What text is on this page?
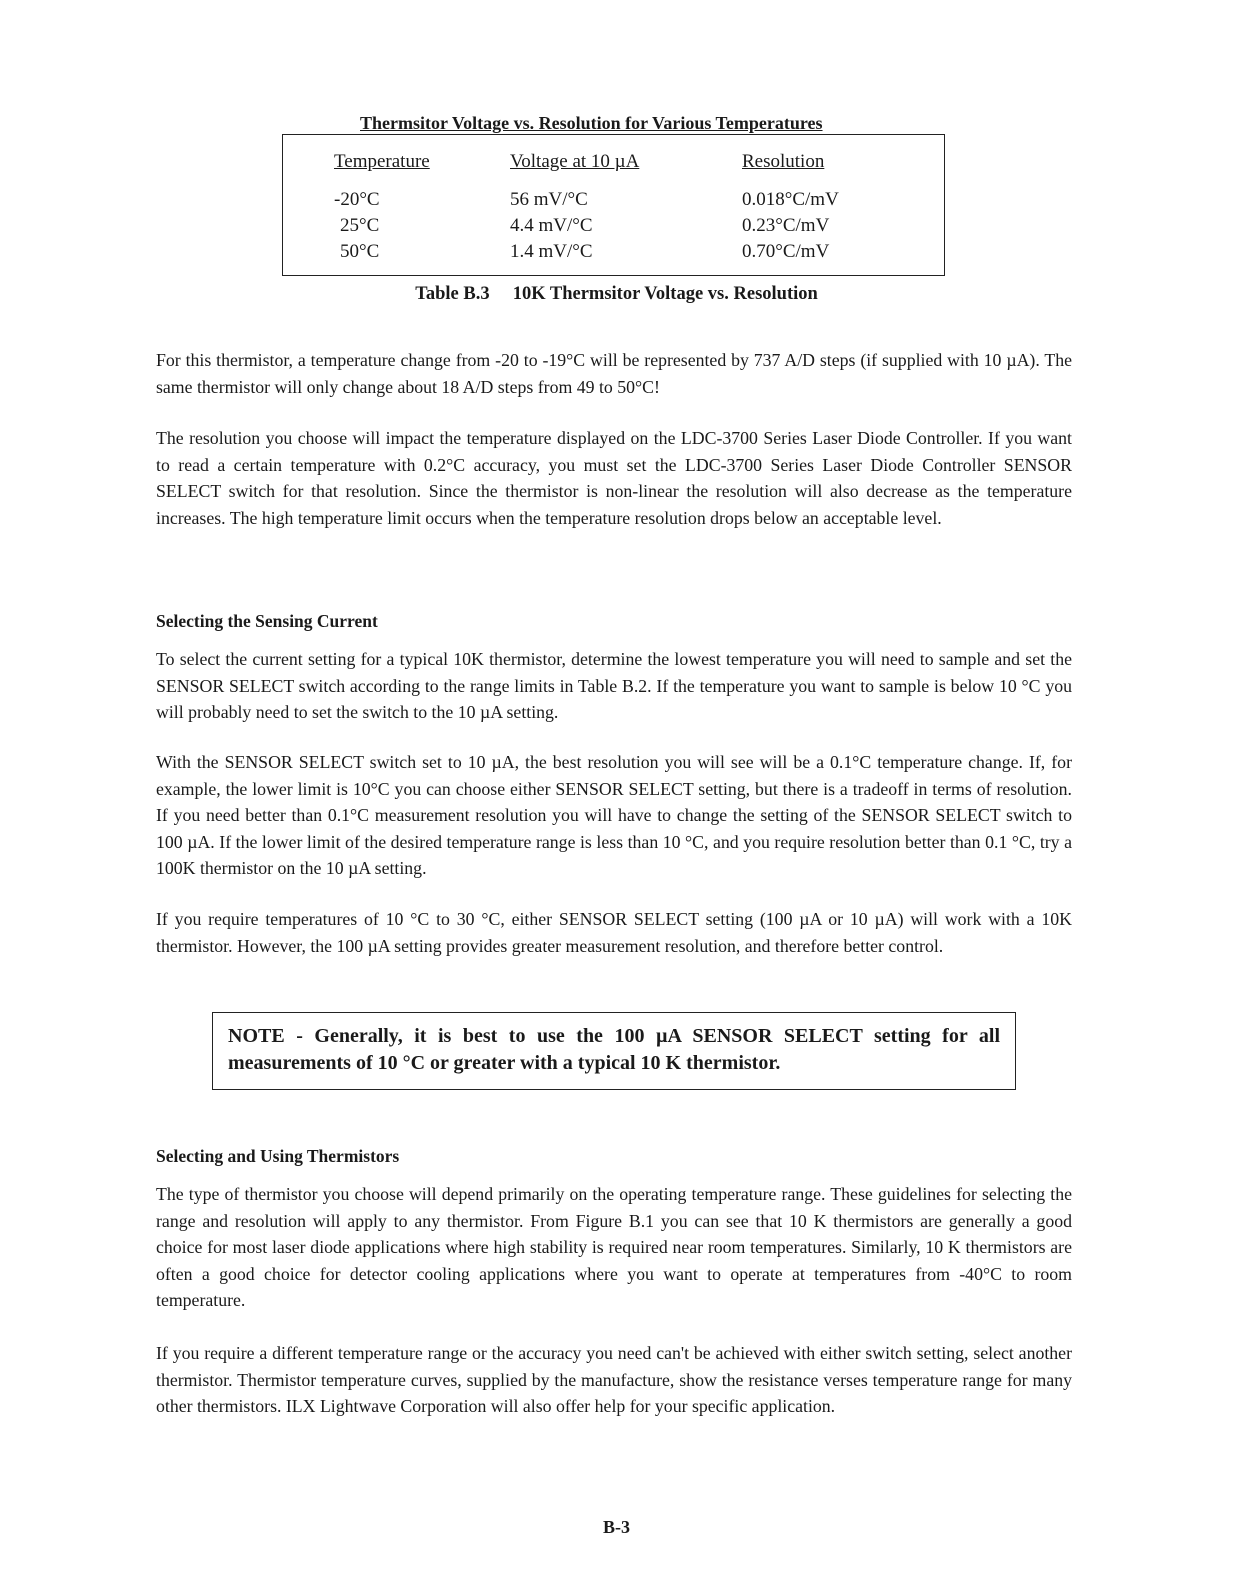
Thermsitor Voltage vs. Resolution for Various Temperatures
Temperature	Voltage at 10 µA	Resolution
-20°C	56 mV/°C	0.018°C/mV
25°C	4.4 mV/°C	0.23°C/mV
50°C	1.4 mV/°C	0.70°C/mV
Table B.3  10K Thermsitor Voltage vs. Resolution

For this thermistor, a temperature change from -20 to -19°C will be represented by 737 A/D steps (if supplied with 10 µA). The same thermistor will only change about 18 A/D steps from 49 to 50°C!

The resolution you choose will impact the temperature displayed on the LDC-3700 Series Laser Diode Controller. If you want to read a certain temperature with 0.2°C accuracy, you must set the LDC-3700 Series Laser Diode Controller SENSOR SELECT switch for that resolution. Since the thermistor is non-linear the resolution will also decrease as the temperature increases. The high temperature limit occurs when the temperature resolution drops below an acceptable level.

Selecting the Sensing Current

To select the current setting for a typical 10K thermistor, determine the lowest temperature you will need to sample and set the SENSOR SELECT switch according to the range limits in Table B.2. If the temperature you want to sample is below 10 °C you will probably need to set the switch to the 10 µA setting.

With the SENSOR SELECT switch set to 10 µA, the best resolution you will see will be a 0.1°C temperature change. If, for example, the lower limit is 10°C you can choose either SENSOR SELECT setting, but there is a tradeoff in terms of resolution. If you need better than 0.1°C measurement resolution you will have to change the setting of the SENSOR SELECT switch to 100 µA. If the lower limit of the desired temperature range is less than 10 °C, and you require resolution better than 0.1 °C, try a 100K thermistor on the 10 µA setting.

If you require temperatures of 10 °C to 30 °C, either SENSOR SELECT setting (100 µA or 10 µA) will work with a 10K thermistor. However, the 100 µA setting provides greater measurement resolution, and therefore better control.

NOTE - Generally, it is best to use the 100 µA SENSOR SELECT setting for all measurements of 10 °C or greater with a typical 10 K thermistor.

Selecting and Using Thermistors

The type of thermistor you choose will depend primarily on the operating temperature range. These guidelines for selecting the range and resolution will apply to any thermistor. From Figure B.1 you can see that 10 K thermistors are generally a good choice for most laser diode applications where high stability is required near room temperatures. Similarly, 10 K thermistors are often a good choice for detector cooling applications where you want to operate at temperatures from -40°C to room temperature.

If you require a different temperature range or the accuracy you need can't be achieved with either switch setting, select another thermistor. Thermistor temperature curves, supplied by the manufacture, show the resistance verses temperature range for many other thermistors. ILX Lightwave Corporation will also offer help for your specific application.

B-3
